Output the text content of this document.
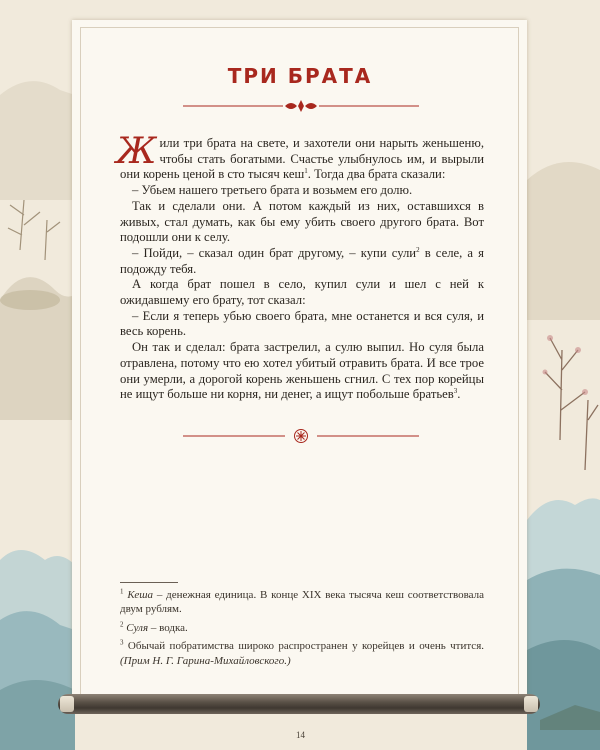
ТРИ БРАТА

Жили три брата на свете, и захотели они нарыть женьшеню, чтобы стать богатыми. Счастье улыбнулось им, и вырыли они корень ценой в сто тысяч кеш$^1$. Тогда два брата сказали:

– Убьем нашего третьего брата и возьмем его долю.

Так и сделали они. А потом каждый из них, оставшихся в живых, стал думать, как бы ему убить своего другого брата. Вот подошли они к селу.

– Пойди, – сказал один брат другому, – купи сули$^2$ в селе, а я подожду тебя.

А когда брат пошел в село, купил сули и шел с ней к ожидавшему его брату, тот сказал:

– Если я теперь убью своего брата, мне останется и вся суля, и весь корень.

Он так и сделал: брата застрелил, а сулю выпил. Но суля была отравлена, потому что ею хотел убитый отравить брата. И все трое они умерли, а дорогой корень женьшень сгнил. С тех пор корейцы не ищут больше ни корня, ни денег, а ищут побольше братьев$^3$.

$^1$ Кеша – денежная единица. В конце XIX века тысяча кеш соответствовала двум рублям.

$^2$ Суля – водка.

$^3$ Обычай побратимства широко распространен у корейцев и очень чтится. (Прим Н. Г. Гарина-Михайловского.)

14
